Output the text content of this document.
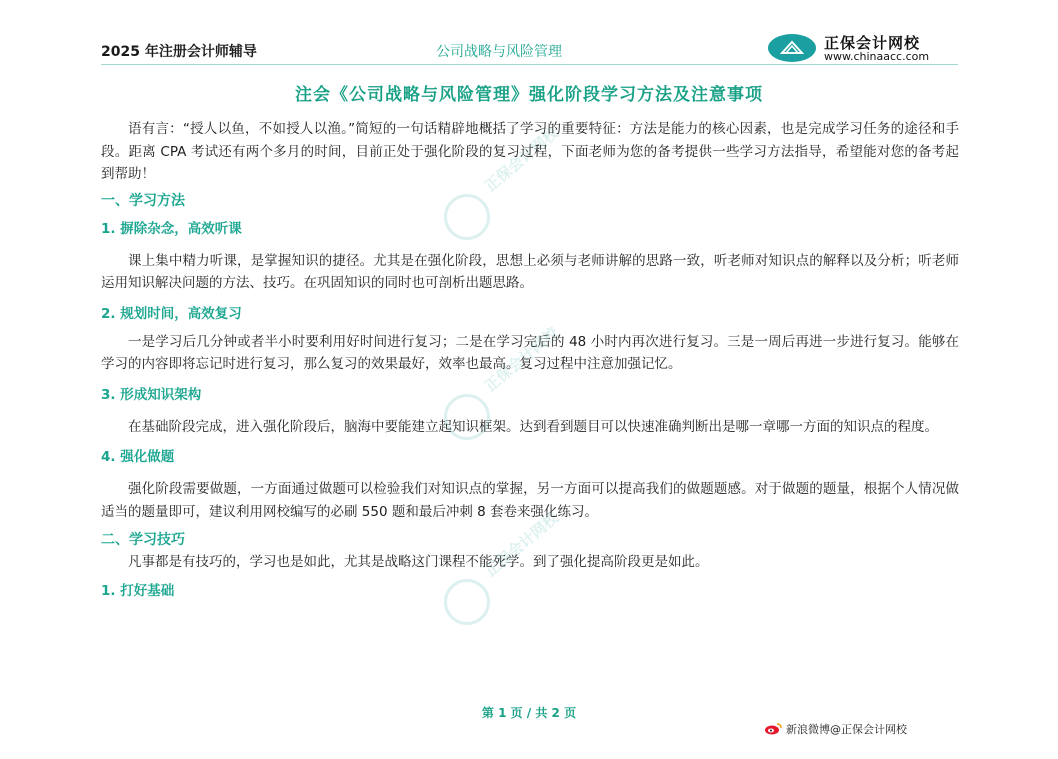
2025 年注册会计师辅导	公司战略与风险管理	正保会计网校
www.chinaacc.com
注会《公司战略与风险管理》强化阶段学习方法及注意事项
正保会计网校
正保会计网校
正保会计网校

语有言：“授人以鱼，不如授人以渔。”简短的一句话精辟地概括了学习的重要特征：方法是能力的核心因素，也是完成学习任务的途径和手段。距离 CPA 考试还有两个多月的时间，目前正处于强化阶段的复习过程，下面老师为您的备考提供一些学习方法指导，希望能对您的备考起到帮助！

一、学习方法
1. 摒除杂念，高效听课

课上集中精力听课，是掌握知识的捷径。尤其是在强化阶段，思想上必须与老师讲解的思路一致，听老师对知识点的解释以及分析；听老师运用知识解决问题的方法、技巧。在巩固知识的同时也可剖析出题思路。

2. 规划时间，高效复习

一是学习后几分钟或者半小时要利用好时间进行复习；二是在学习完后的 48 小时内再次进行复习。三是一周后再进一步进行复习。能够在学习的内容即将忘记时进行复习，那么复习的效果最好，效率也最高。复习过程中注意加强记忆。

3. 形成知识架构

在基础阶段完成，进入强化阶段后，脑海中要能建立起知识框架。达到看到题目可以快速准确判断出是哪一章哪一方面的知识点的程度。

4. 强化做题

强化阶段需要做题，一方面通过做题可以检验我们对知识点的掌握，另一方面可以提高我们的做题题感。对于做题的题量，根据个人情况做适当的题量即可，建议利用网校编写的必刷 550 题和最后冲刺 8 套卷来强化练习。

二、学习技巧

凡事都是有技巧的，学习也是如此，尤其是战略这门课程不能死学。到了强化提高阶段更是如此。

1. 打好基础
第 1 页 / 共 2 页
新浪微博@正保会计网校
